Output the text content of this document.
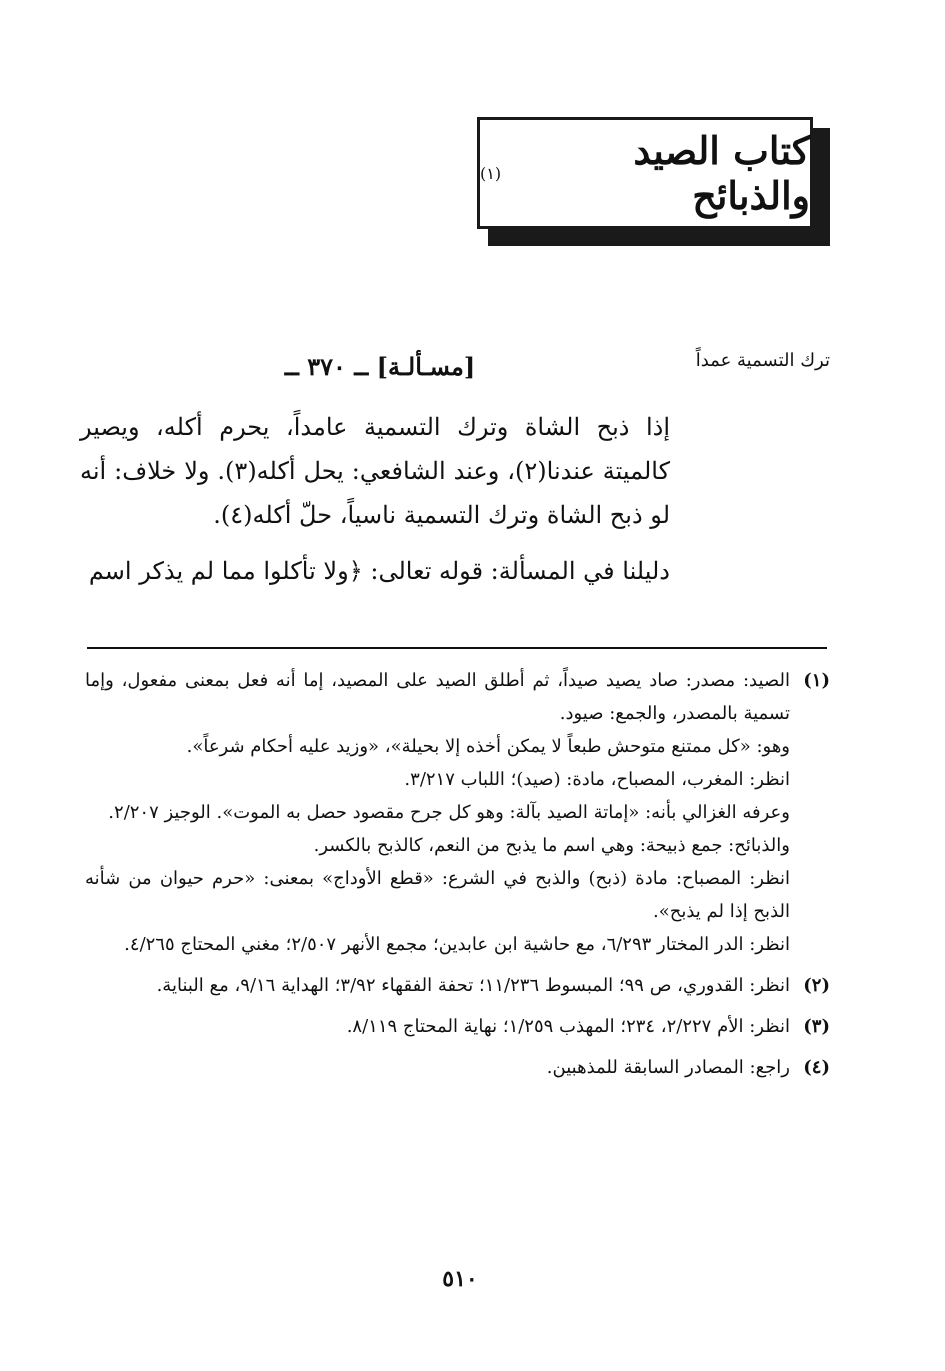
كتاب الصيد والذبائح
(١)
ترك التسمية عمداً
[مسـألـة] ــ ٣٧٠ ــ

إذا ذبح الشاة وترك التسمية عامداً، يحرم أكله، ويصير كالميتة عندنا(٢)، وعند الشافعي: يحل أكله(٣). ولا خلاف: أنه لو ذبح الشاة وترك التسمية ناسياً، حلّ أكله(٤).

دليلنا في المسألة: قوله تعالى: ﴿ولا تأكلوا مما لم يذكر اسم

(١)

الصيد: مصدر: صاد يصيد صيداً، ثم أطلق الصيد على المصيد، إما أنه فعل بمعنى مفعول، وإما تسمية بالمصدر، والجمع: صيود.

وهو: «كل ممتنع متوحش طبعاً لا يمكن أخذه إلا بحيلة»، «وزيد عليه أحكام شرعاً».

انظر: المغرب، المصباح، مادة: (صيد)؛ اللباب ٣/٢١٧.

وعرفه الغزالي بأنه: «إماتة الصيد بآلة: وهو كل جرح مقصود حصل به الموت». الوجيز ٢/٢٠٧.

والذبائح: جمع ذبيحة: وهي اسم ما يذبح من النعم، كالذبح بالكسر.

انظر: المصباح: مادة (ذبح) والذبح في الشرع: «قطع الأوداج» بمعنى: «حرم حيوان من شأنه الذبح إذا لم يذبح».

انظر: الدر المختار ٦/٢٩٣، مع حاشية ابن عابدين؛ مجمع الأنهر ٢/٥٠٧؛ مغني المحتاج ٤/٢٦٥.

(٢)

انظر: القدوري، ص ٩٩؛ المبسوط ١١/٢٣٦؛ تحفة الفقهاء ٣/٩٢؛ الهداية ٩/١٦، مع البناية.

(٣)

انظر: الأم ٢/٢٢٧، ٢٣٤؛ المهذب ١/٢٥٩؛ نهاية المحتاج ٨/١١٩.

(٤)

راجع: المصادر السابقة للمذهبين.

٥١٠
